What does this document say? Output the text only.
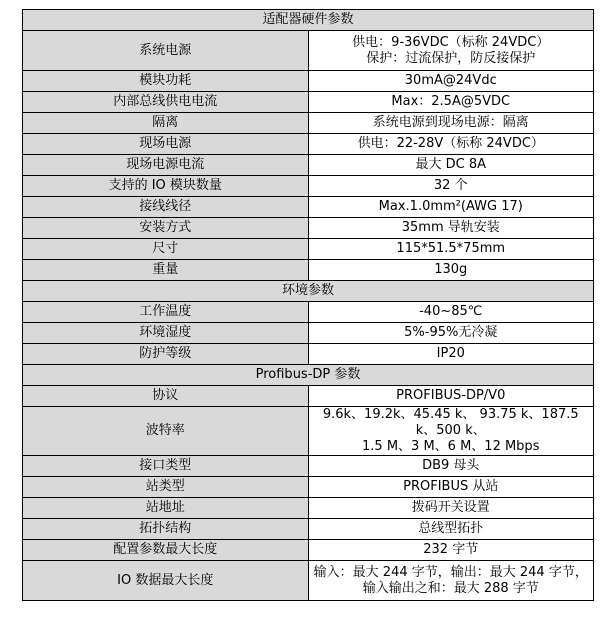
适配器硬件参数	
系统电源	供电：9-36VDC（标称 24VDC）
保护：过流保护，防反接保护

模块功耗	30mA@24Vdc

内部总线供电电流	Max：2.5A@5VDC

隔离	系统电源到现场电源：隔离

现场电源	供电：22-28V（标称 24VDC）

现场电源电流	最大 DC 8A

支持的 IO 模块数量	32 个

接线线径	Max.1.0mm²(AWG 17)

安装方式	35mm 导轨安装

尺寸	115*51.5*75mm

重量	130g

环境参数	
工作温度	-40~85℃

环境湿度	5%-95%无冷凝

防护等级	IP20

Profibus-DP 参数	
协议	PROFIBUS-DP/V0

波特率	9.6k、19.2k、45.45 k、 93.75 k、187.5 k、500 k、
1.5 M、3 M、6 M、12 Mbps

接口类型	DB9 母头

站类型	PROFIBUS 从站

站地址	拨码开关设置

拓扑结构	总线型拓扑

配置参数最大长度	232 字节

IO 数据最大长度	输入：最大 244 字节，输出：最大 244 字节，
输入输出之和：最大 288 字节
